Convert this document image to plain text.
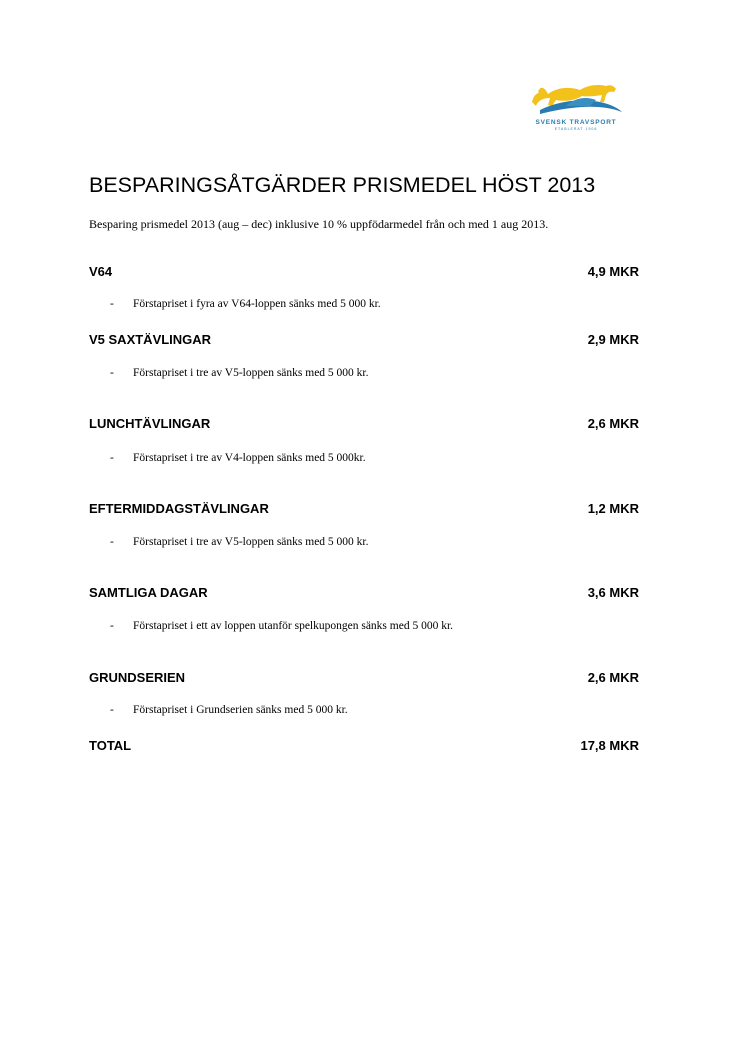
SVENSK TRAVSPORT
ETABLERAT 1906
BESPARINGSÅTGÄRDER PRISMEDEL HÖST 2013
Besparing prismedel 2013 (aug – dec) inklusive 10 % uppfödarmedel från och med 1 aug 2013.
V64	4,9 MKR
- Förstapriset i fyra av V64-loppen sänks med 5 000 kr.
V5 SAXTÄVLINGAR	2,9 MKR
- Förstapriset i tre av V5-loppen sänks med 5 000 kr.
LUNCHTÄVLINGAR	2,6 MKR
- Förstapriset i tre av V4-loppen sänks med 5 000kr.
EFTERMIDDAGSTÄVLINGAR	1,2 MKR
- Förstapriset i tre av V5-loppen sänks med 5 000 kr.
SAMTLIGA DAGAR	3,6 MKR
- Förstapriset i ett av loppen utanför spelkupongen sänks med 5 000 kr.
GRUNDSERIEN	2,6 MKR
- Förstapriset i Grundserien sänks med 5 000 kr.
TOTAL	17,8 MKR
